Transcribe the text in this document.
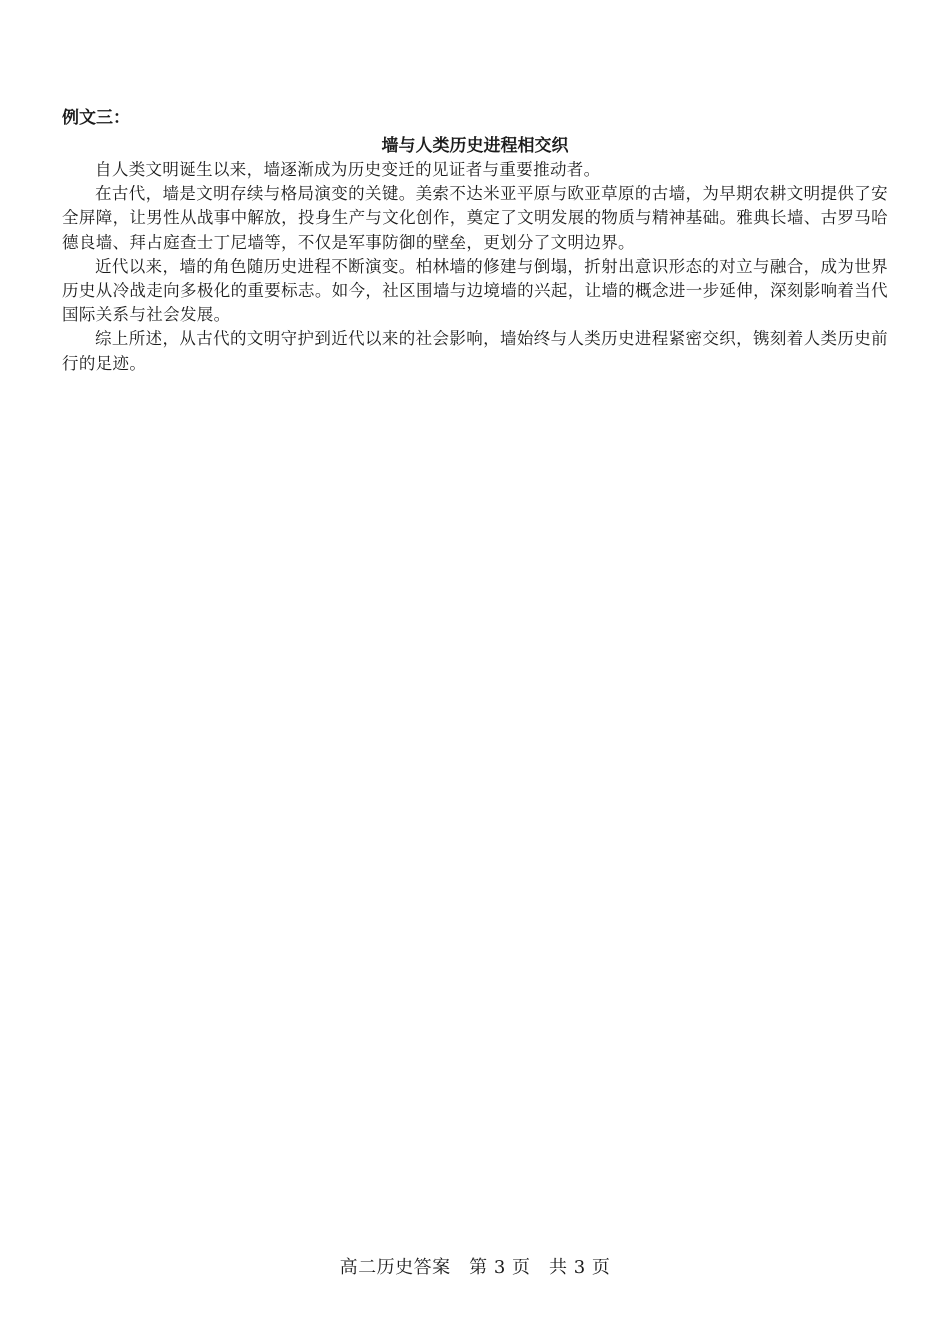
例文三：

墙与人类历史进程相交织

自人类文明诞生以来，墙逐渐成为历史变迁的见证者与重要推动者。

在古代，墙是文明存续与格局演变的关键。美索不达米亚平原与欧亚草原的古墙，为早期农耕文明提供了安全屏障，让男性从战事中解放，投身生产与文化创作，奠定了文明发展的物质与精神基础。雅典长墙、古罗马哈德良墙、拜占庭查士丁尼墙等，不仅是军事防御的壁垒，更划分了文明边界。

近代以来，墙的角色随历史进程不断演变。柏林墙的修建与倒塌，折射出意识形态的对立与融合，成为世界历史从冷战走向多极化的重要标志。如今，社区围墙与边境墙的兴起，让墙的概念进一步延伸，深刻影响着当代国际关系与社会发展。

综上所述，从古代的文明守护到近代以来的社会影响，墙始终与人类历史进程紧密交织，镌刻着人类历史前行的足迹。

高二历史答案　第 3 页　共 3 页
